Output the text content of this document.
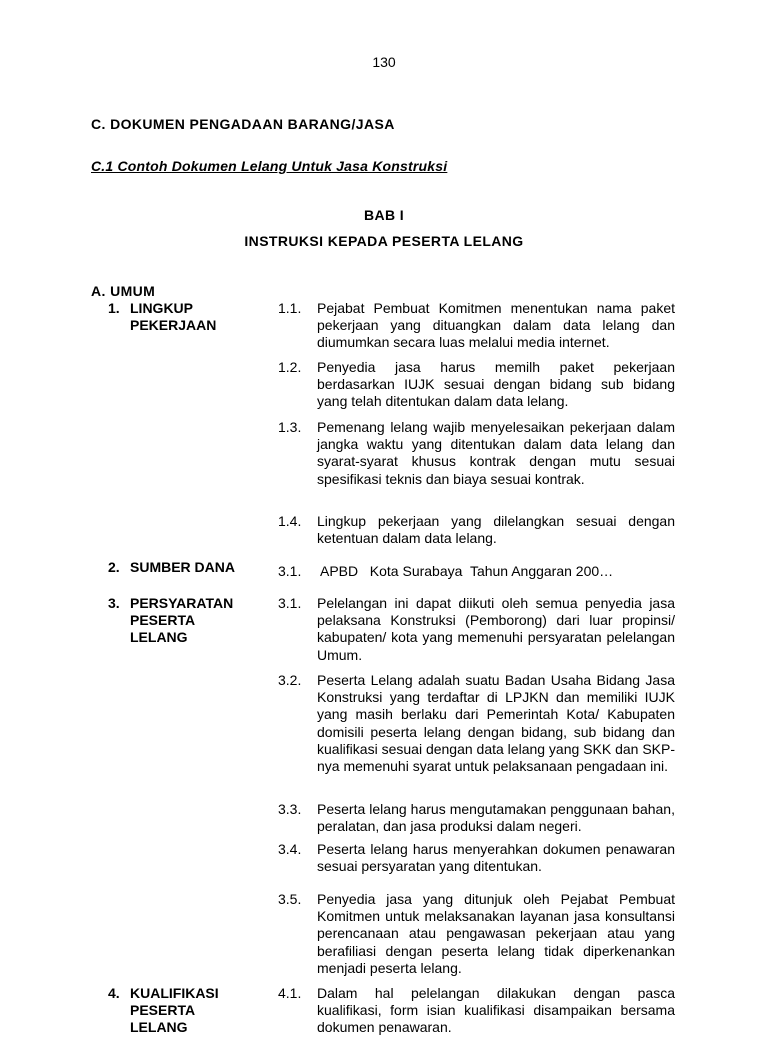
130
C. DOKUMEN PENGADAAN BARANG/JASA
C.1 Contoh Dokumen Lelang Untuk Jasa Konstruksi
BAB I
INSTRUKSI KEPADA PESERTA LELANG
A. UMUM
1. LINGKUP
PEKERJAAN
1.1. Pejabat Pembuat Komitmen menentukan nama paket pekerjaan yang dituangkan dalam data lelang dan diumumkan secara luas melalui media internet.
1.2. Penyedia jasa harus memilh paket pekerjaan berdasarkan IUJK sesuai dengan bidang sub bidang yang telah ditentukan dalam data lelang.
1.3. Pemenang lelang wajib menyelesaikan pekerjaan dalam jangka waktu yang ditentukan dalam data lelang dan syarat-syarat khusus kontrak dengan mutu sesuai spesifikasi teknis dan biaya sesuai kontrak.
1.4. Lingkup pekerjaan yang dilelangkan sesuai dengan ketentuan dalam data lelang.
2. SUMBER DANA	3.1. APBD   Kota Surabaya  Tahun Anggaran 200…
3. PERSYARATAN
PESERTA
LELANG
3.1. Pelelangan ini dapat diikuti oleh semua penyedia jasa pelaksana Konstruksi (Pemborong) dari luar propinsi/ kabupaten/ kota yang memenuhi persyaratan pelelangan Umum.
3.2. Peserta Lelang adalah suatu Badan Usaha Bidang Jasa Konstruksi yang terdaftar di LPJKN dan memiliki IUJK yang masih berlaku dari Pemerintah Kota/ Kabupaten domisili peserta lelang dengan bidang, sub bidang dan kualifikasi sesuai dengan data lelang yang SKK dan SKP-nya memenuhi syarat untuk pelaksanaan pengadaan ini.
3.3. Peserta lelang harus mengutamakan penggunaan bahan, peralatan, dan jasa produksi dalam negeri.
3.4. Peserta lelang harus menyerahkan dokumen penawaran sesuai persyaratan yang ditentukan.
3.5. Penyedia jasa yang ditunjuk oleh Pejabat Pembuat Komitmen untuk melaksanakan layanan jasa konsultansi perencanaan atau pengawasan pekerjaan atau yang berafiliasi dengan peserta lelang tidak diperkenankan menjadi peserta lelang.
4. KUALIFIKASI
PESERTA
LELANG
4.1. Dalam hal pelelangan dilakukan dengan pasca kualifikasi, form isian kualifikasi disampaikan bersama dokumen penawaran.
